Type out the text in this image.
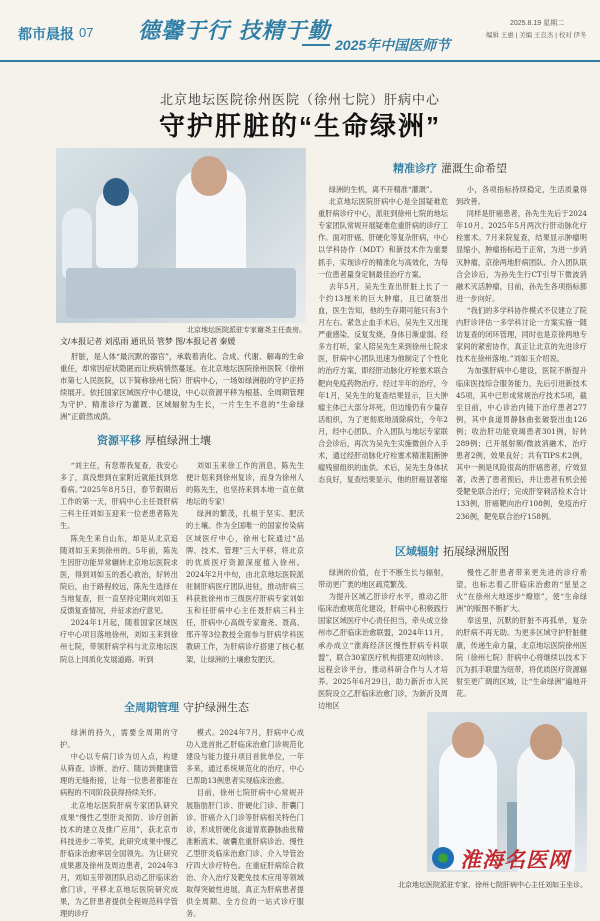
都市晨报 07 德馨于行 技精于勤
2025年中国医师节
2025.8.19 星期二
编辑 王惠 | 美编 王良杰 | 校对 伊冬
北京地坛医院徐州医院（徐州七院）肝病中心
守护肝脏的“生命绿洲”
北京地坛医院派驻专家谢尧主任查房。
文/本报记者 刘泓雨 通讯员 管梦 图/本报记者 秦媛
肝脏，是人体“最沉默的器官”，承载着消化、合成、代谢、解毒的生命重任，却常因症状隐匿而让疾病悄然蔓延。在北京地坛医院徐州医院（徐州市第七人民医院，以下简称徐州七院）肝病中心，一场如绿洲般的守护正持续展开。依托国家区域医疗中心建设，中心以资源平移为根基、全周期管理为守护、精准诊疗为灌溉、区域辐射为生长，一片生生不息的“生命绿洲”正蔚然成荫。
资源平移 厚植绿洲土壤

“刘主任，有您帮我复查，我安心多了，真没想到在家附近就能找到您看病。”2025年8月5日，春节假期后工作的第一天，肝病中心主任聂肝病三科主任刘如玉迎来一位老患者陈先生。

陈先生来自山东，却是从北京追随刘如玉来到徐州的。5年前，陈先生因肝功能异常辗转北京地坛医院求医，得到刘如玉的悉心救治，好转出院后，由于路程较远，陈先生选择在当地复查，但一直坚持定期向刘如玉反馈复查情况，并征求治疗意见。

2024年1月起，随着国家区域医疗中心项目落地徐州，刘如玉来到徐州七院，带领肝病学科与北京地坛医院总上同质化发展道路。听到

刘如玉来徐工作的消息，陈先生便计划来到徐州复诊，而身为徐州人的陈先生，也坚持来到本地一直在做地坛的专家！

绿洲的繁茂，扎根于坚实、肥沃的土壤。作为全国唯一的国家传染病区域医疗中心，徐州七院通过“品牌、技术、管理”三大平移，将北京的优质医疗资源深度植入徐州。2024年2月中旬，由北京地坛医院派驻制肝病医疗团队进驻，推动肝病三科获批徐州市三级医疗肝病专家刘如玉和任肝病中心主任聂肝病三科主任，肝病中心高级专家谢尧、聂高、邢卉等3位教授全面参与肝病学科医教研工作，为肝病诊疗搭建了核心框架，让绿洲的土壤愈发肥沃。

全周期管理 守护绿洲生态

绿洲的持久，需要全周期的守护。

中心以专病门诊为切入点，构建从筛查、诊断、治疗、随访到健康管理的无缝衔接，让每一位患者都能在病程的不同阶段获得持续关怀。

北京地坛医院肝病专家团队研究成果“慢性乙型肝炎预防、诊疗创新技术的建立及推广应用”，获北京市科技进步二等奖，此研究成果中慢乙肝临床治愈率居全国领先。为让研究成果惠及徐州及周边患者，2024年3月，刘如玉带领团队启动乙肝临床治愈门诊，平移北京地坛医院研究成果，为乙肝患者提供全程规范科学管理的诊疗

模式。2024年7月，肝病中心成功入选首批乙肝临床治愈门诊规范化建设与能力提升项目首批单位，一年多来，通过系统规范化的治疗，中心已帮助13例患者实现临床治愈。

目前，徐州七院肝病中心常规开展脂肪肝门诊、肝硬化门诊、肝囊门诊、肝癌介入门诊等肝病相关特色门诊，形成肝硬化食道胃底静脉曲张精准断流术、破囊危重肝病诊治、慢性乙型肝炎临床治愈门诊、介入导管治疗四大诊疗特色。在重症肝病综合救治、介入治疗及靶免技术应用等领域取得突破性进展，真正为肝病患者提供全周期、全方位的一站式诊疗服务。

精准诊疗 灌溉生命希望

绿洲的生机，离不开精准“灌溉”。

北京地坛医院肝病中心是全国疑难危重肝病诊疗中心，派驻到徐州七院的地坛专家团队常规开展疑难危重肝病的诊疗工作。面对肝癌、肝硬化等复杂肝病，中心以学科协作（MDT）和新技术作为重要抓手，实现诊疗的精准化与高效化，为每一位患者量身定制最佳治疗方案。

去年5月，吴先生查出肝脏上长了一个约13厘米的巨大肿瘤，且已破裂出血，医生告知，他的生存期可能只有3个月左右。紧急止血手术后，吴先生又出现严重感染、反复发烧，身体日渐虚弱。经多方打听，家人陪吴先生来到徐州七院求医，肝病中心团队迅速为他制定了个性化的治疗方案，即经肝动脉化疗栓塞术联合靶向免疫药物治疗。经过半年的治疗，今年1月，吴先生的复查结果显示，巨大肿瘤主体已大部分坏死，但边缘仍有少量存活组织，为了更彻底地清除病灶，今年2月，经中心团队、介入团队与地坛专家联合会诊后，再次为吴先生实施微创介入手术，通过经肝动脉化疗栓塞术精准阻断肿瘤残留组织的血供。术后，吴先生身体状态良好，复查结果显示，他的肝癌显著缩

小，各项指标持续稳定，生活质量得到改善。

同样是肝癌患者，孙先生先后于2024年10月、2025年5月两次行肝动脉化疗栓塞术。7月来院复查，结果显示肿瘤明显缩小，肿瘤指标趋于正常，为进一步消灭肿瘤，京徐两地肝病团队、介入团队联合会诊后，为孙先生行CT引导下微波消融术灭活肿瘤，目前，孙先生各项指标都进一步向好。

“我们的多学科协作模式不仅建立了院内肝诊评估一多学科讨论一方案实施一随访复查的闭环管理，同时也是京徐两地专家间的紧密协作，真正让北京的先进诊疗技术在徐州落地。”刘如玉介绍说。

为加强肝病中心建设，医院不断提升临床医技综合服务能力，先后引进新技术45项，其中已形成常规治疗技术5项，截至目前，中心诊治内镜下治疗患者277例，其中食道胃静脉曲张破裂出血126例；收治肝功能衰竭患者301例，好转289例；已开展射频/微波消融术，治疗患者2例，效果良好；共有TIPS术2例，其中一例是风险很高的肝癌患者，疗效显著，改善了患者预后，并让患者有机会接受靶免联合治疗；完成肝穿刺活检术合计133例，肝癌靶向治疗108例，免疫治疗236例，靶免联合治疗158例。

区域辐射 拓展绿洲版图

绿洲的价值，在于不断生长与辐射，带动更广袤的地区疏荒繁茂。

为提升区域乙肝诊疗水平，推动乙肝临床治愈规范化建设，肝病中心积极践行国家区域医疗中心责任担当，牵头成立徐州市乙肝临床治愈联盟，2024年11月，承办成立“淮海经济区慢性肝病专科联盟”，联合30家医疗机构搭建双向转诊、远程会诊平台，推动科研合作与人才培养。2025年6月29日，助力新沂市人民医院设立乙肝临床治愈门诊，为新沂及周边地区

慢性乙肝患者带来更先进的诊疗希望，也标志着乙肝临床治愈的“星星之火”在徐州大地逐步“燎原”，使“生命绿洲”的版图不断扩大。

奉送里，沉默的肝脏不再孤单，复杂的肝病不再无助。为更多区域守护肝脏健康，传递生命力量，北京地坛医院徐州医院（徐州七院）肝病中心将继续以技术下沉为抓手联盟为纽带，将优质医疗资源辐射至更广阔的区域，让“生命绿洲”遍地开花。

淮海名医网
北京地坛医院派驻专家、徐州七院肝病中心主任刘如玉坐诊。
